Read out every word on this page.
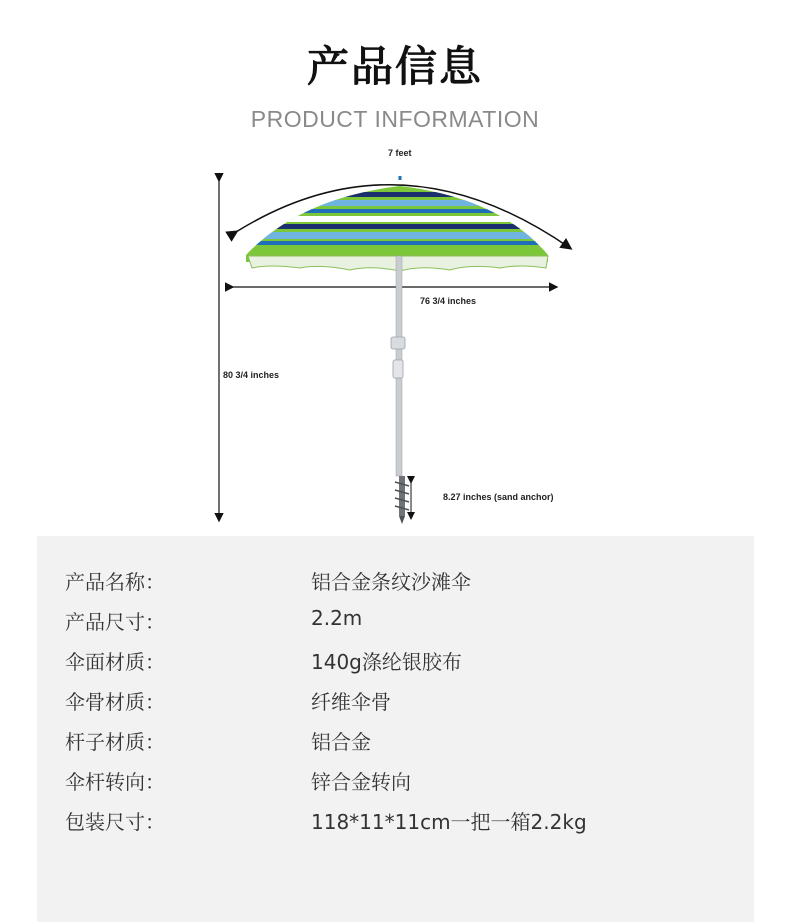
产品信息
PRODUCT INFORMATION
7 feet
76 3/4 inches
80 3/4 inches
8.27 inches (sand anchor)
产品名称：	铝合金条纹沙滩伞
产品尺寸：	2.2m
伞面材质：	140g涤纶银胶布
伞骨材质：	纤维伞骨
杆子材质：	铝合金
伞杆转向：	锌合金转向
包装尺寸：	118*11*11cm一把一箱2.2kg
